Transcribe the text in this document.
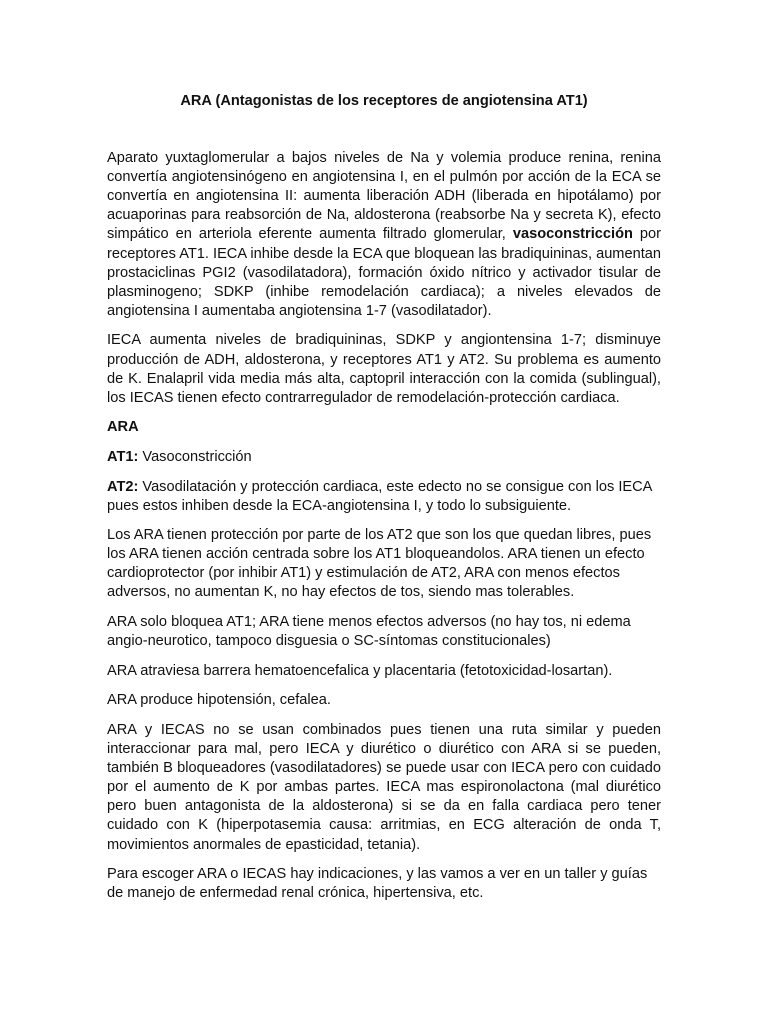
ARA (Antagonistas de los receptores de angiotensina AT1)

Aparato yuxtaglomerular a bajos niveles de Na y volemia produce renina, renina convertía angiotensinógeno en angiotensina I, en el pulmón por acción de la ECA se convertía en angiotensina II: aumenta liberación ADH (liberada en hipotálamo) por acuaporinas para reabsorción de Na, aldosterona (reabsorbe Na y secreta K), efecto simpático en arteriola eferente aumenta filtrado glomerular, vasoconstricción por receptores AT1. IECA inhibe desde la ECA que bloquean las bradiquininas, aumentan prostaciclinas PGI2 (vasodilatadora), formación óxido nítrico y activador tisular de plasminogeno; SDKP (inhibe remodelación cardiaca); a niveles elevados de angiotensina I aumentaba angiotensina 1-7 (vasodilatador).

IECA aumenta niveles de bradiquininas, SDKP y angiontensina 1-7; disminuye producción de ADH, aldosterona, y receptores AT1 y AT2. Su problema es aumento de K. Enalapril vida media más alta, captopril interacción con la comida (sublingual), los IECAS tienen efecto contrarregulador de remodelación-protección cardiaca.

ARA

AT1: Vasoconstricción

AT2: Vasodilatación y protección cardiaca, este edecto no se consigue con los IECA pues estos inhiben desde la ECA-angiotensina I, y todo lo subsiguiente.

Los ARA tienen protección por parte de los AT2 que son los que quedan libres, pues los ARA tienen acción centrada sobre los AT1 bloqueandolos. ARA tienen un efecto cardioprotector (por inhibir AT1) y estimulación de AT2, ARA con menos efectos adversos, no aumentan K, no hay efectos de tos, siendo mas tolerables.

ARA solo bloquea AT1; ARA tiene menos efectos adversos (no hay tos, ni edema angio-neurotico, tampoco disguesia o SC-síntomas constitucionales)

ARA atraviesa barrera hematoencefalica y placentaria (fetotoxicidad-losartan).

ARA produce hipotensión, cefalea.

ARA y IECAS no se usan combinados pues tienen una ruta similar y pueden interaccionar para mal, pero IECA y diurético o diurético con ARA si se pueden, también B bloqueadores (vasodilatadores) se puede usar con IECA pero con cuidado por el aumento de K por ambas partes. IECA mas espironolactona (mal diurético pero buen antagonista de la aldosterona) si se da en falla cardiaca pero tener cuidado con K (hiperpotasemia causa: arritmias, en ECG alteración de onda T, movimientos anormales de epasticidad, tetania).

Para escoger ARA o IECAS hay indicaciones, y las vamos a ver en un taller y guías de manejo de enfermedad renal crónica, hipertensiva, etc.
